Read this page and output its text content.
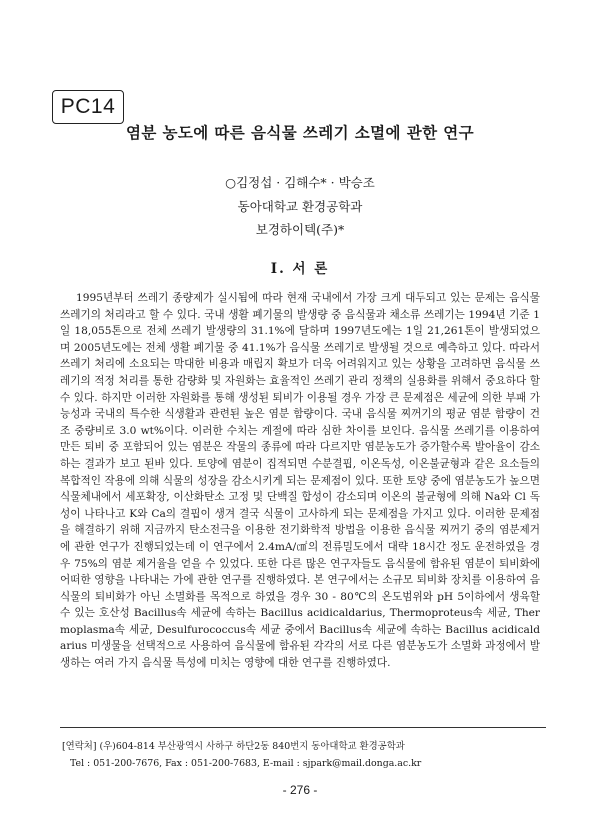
PC14
염분 농도에 따른 음식물 쓰레기 소멸에 관한 연구
○김정섭 · 김해수* · 박승조
동아대학교 환경공학과
보경하이텍(주)*
I. 서 론

1995년부터 쓰레기 종량제가 실시됨에 따라 현재 국내에서 가장 크게 대두되고 있는 문제는 음식물 쓰레기의 처리라고 할 수 있다. 국내 생활 폐기물의 발생량 중 음식물과 채소류 쓰레기는 1994년 기준 1일 18,055톤으로 전체 쓰레기 발생량의 31.1%에 달하며 1997년도에는 1일 21,261톤이 발생되었으며 2005년도에는 전체 생활 폐기물 중 41.1%가 음식물 쓰레기로 발생될 것으로 예측하고 있다. 따라서 쓰레기 처리에 소요되는 막대한 비용과 매립지 확보가 더욱 어려워지고 있는 상황을 고려하면 음식물 쓰레기의 적정 처리를 통한 감량화 및 자원화는 효율적인 쓰레기 관리 정책의 실용화를 위해서 중요하다 할 수 있다. 하지만 이러한 자원화를 통해 생성된 퇴비가 이용될 경우 가장 큰 문제점은 세균에 의한 부패 가능성과 국내의 특수한 식생활과 관련된 높은 염분 함량이다. 국내 음식물 찌꺼기의 평균 염분 함량이 건조 중량비로 3.0 wt%이다. 이러한 수치는 계절에 따라 심한 차이를 보인다. 음식물 쓰레기를 이용하여 만든 퇴비 중 포함되어 있는 염분은 작물의 종류에 따라 다르지만 염분농도가 증가할수록 발아율이 감소하는 결과가 보고 된바 있다. 토양에 염분이 집적되면 수분결핍, 이온독성, 이온불균형과 같은 요소들의 복합적인 작용에 의해 식물의 성장을 감소시키게 되는 문제점이 있다. 또한 토양 중에 염분농도가 높으면 식물체내에서 세포확장, 이산화탄소 고정 및 단백질 합성이 감소되며 이온의 불균형에 의해 Na와 Cl 독성이 나타나고 K와 Ca의 결핍이 생겨 결국 식물이 고사하게 되는 문제점을 가지고 있다. 이러한 문제점을 해결하기 위해 지금까지 탄소전극을 이용한 전기화학적 방법을 이용한 음식물 찌꺼기 중의 염분제거에 관한 연구가 진행되었는데 이 연구에서 2.4mA/㎠의 전류밀도에서 대략 18시간 정도 운전하였을 경우 75%의 염분 제거율을 얻을 수 있었다. 또한 다른 많은 연구자들도 음식물에 함유된 염분이 퇴비화에 어떠한 영향을 나타내는 가에 관한 연구를 진행하였다. 본 연구에서는 소규모 퇴비화 장치를 이용하여 음식물의 퇴비화가 아닌 소멸화를 목적으로 하였을 경우 30 - 80℃의 온도범위와 pH 5이하에서 생육할 수 있는 호산성 Bacillus속 세균에 속하는 Bacillus acidicaldarius, Thermoproteus속 세균, Thermoplasma속 세균, Desulfurococcus속 세균 중에서 Bacillus속 세균에 속하는 Bacillus acidicaldarius 미생물을 선택적으로 사용하여 음식물에 함유된 각각의 서로 다른 염분농도가 소멸화 과정에서 발생하는 여러 가지 음식물 특성에 미치는 영향에 대한 연구를 진행하였다.

[연락처] (우)604-814 부산광역시 사하구 하단2동 840번지 동아대학교 환경공학과
Tel : 051-200-7676, Fax : 051-200-7683, E-mail : sjpark@mail.donga.ac.kr
- 276 -
